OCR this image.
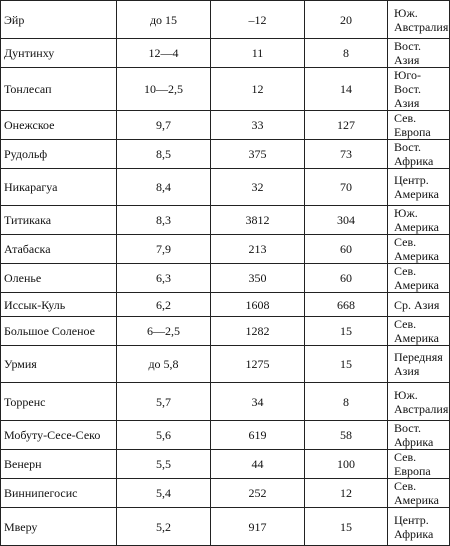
Эйр	до 15	–12	20	Юж. Австралия
Дунтинху	12—4	11	8	Вост. Азия
Тонлесап	10—2,5	12	14	Юго-Вост. Азия
Онежское	9,7	33	127	Сев. Европа
Рудольф	8,5	375	73	Вост. Африка
Никарагуа	8,4	32	70	Центр. Америка
Титикака	8,3	3812	304	Юж. Америка
Атабаска	7,9	213	60	Сев. Америка
Оленье	6,3	350	60	Сев. Америка
Иссык-Куль	6,2	1608	668	Ср. Азия
Большое Соленое	6—2,5	1282	15	Сев. Америка
Урмия	до 5,8	1275	15	Передняя Азия
Торренс	5,7	34	8	Юж. Австралия
Мобуту-Сесе-Секо	5,6	619	58	Вост. Африка
Венерн	5,5	44	100	Сев. Европа
Виннипегосис	5,4	252	12	Сев. Америка
Мверу	5,2	917	15	Центр. Африка
